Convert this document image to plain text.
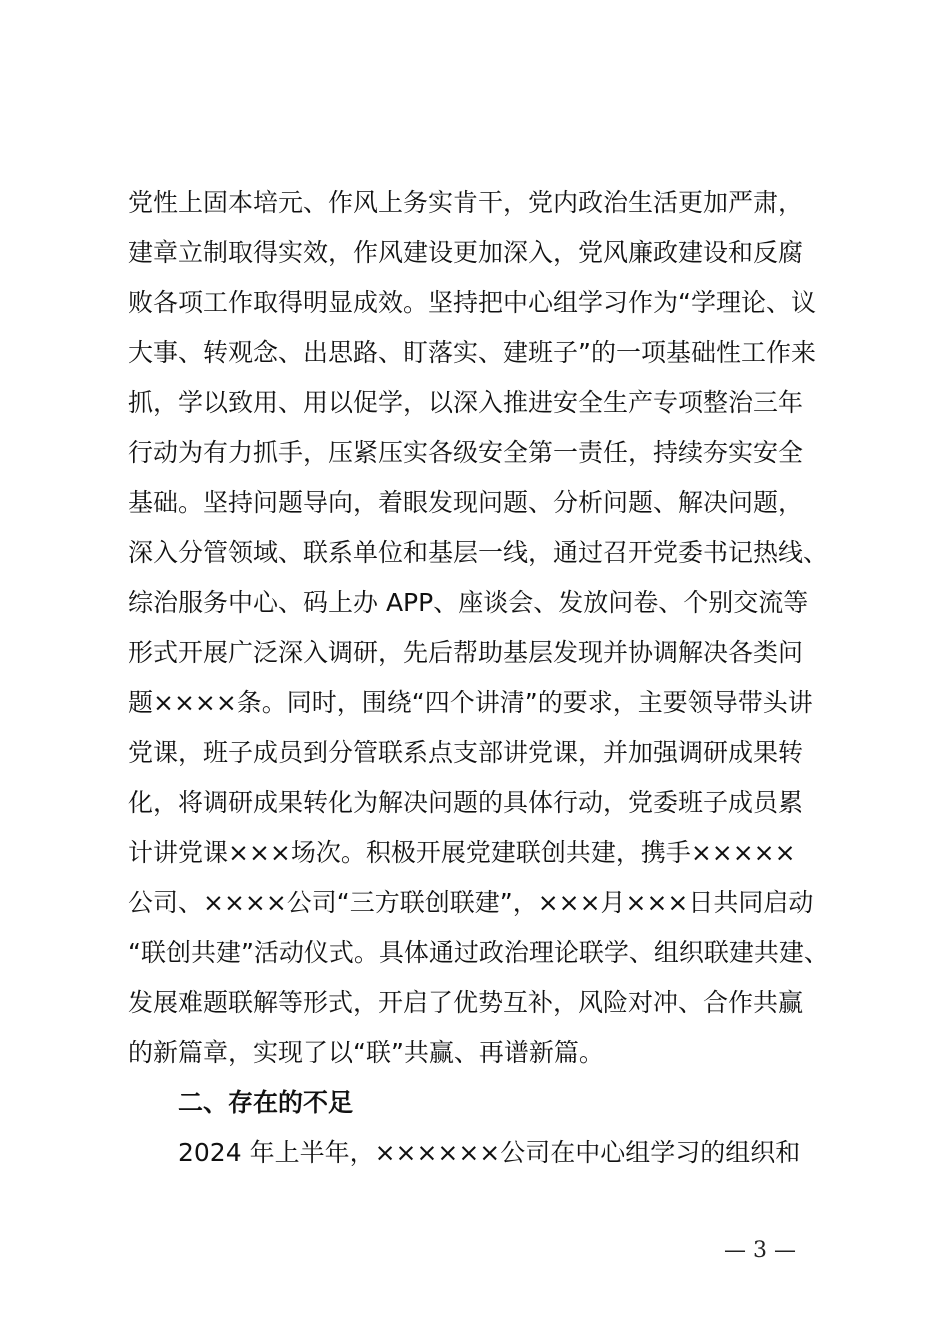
党性上固本培元、作风上务实肯干，党内政治生活更加严肃，
建章立制取得实效，作风建设更加深入，党风廉政建设和反腐
败各项工作取得明显成效。坚持把中心组学习作为“学理论、议
大事、转观念、出思路、盯落实、建班子”的一项基础性工作来
抓，学以致用、用以促学，以深入推进安全生产专项整治三年
行动为有力抓手，压紧压实各级安全第一责任，持续夯实安全
基础。坚持问题导向，着眼发现问题、分析问题、解决问题，
深入分管领域、联系单位和基层一线，通过召开党委书记热线、
综治服务中心、码上办 APP、座谈会、发放问卷、个别交流等
形式开展广泛深入调研，先后帮助基层发现并协调解决各类问
题××××条。同时，围绕“四个讲清”的要求，主要领导带头讲
党课，班子成员到分管联系点支部讲党课，并加强调研成果转
化，将调研成果转化为解决问题的具体行动，党委班子成员累
计讲党课×××场次。积极开展党建联创共建，携手×××××
公司、××××公司“三方联创联建”，×××月×××日共同启动
“联创共建”活动仪式。具体通过政治理论联学、组织联建共建、
发展难题联解等形式，开启了优势互补，风险对冲、合作共赢
的新篇章，实现了以“联”共赢、再谱新篇。
二、存在的不足
2024 年上半年，××××××公司在中心组学习的组织和
— 3 —
